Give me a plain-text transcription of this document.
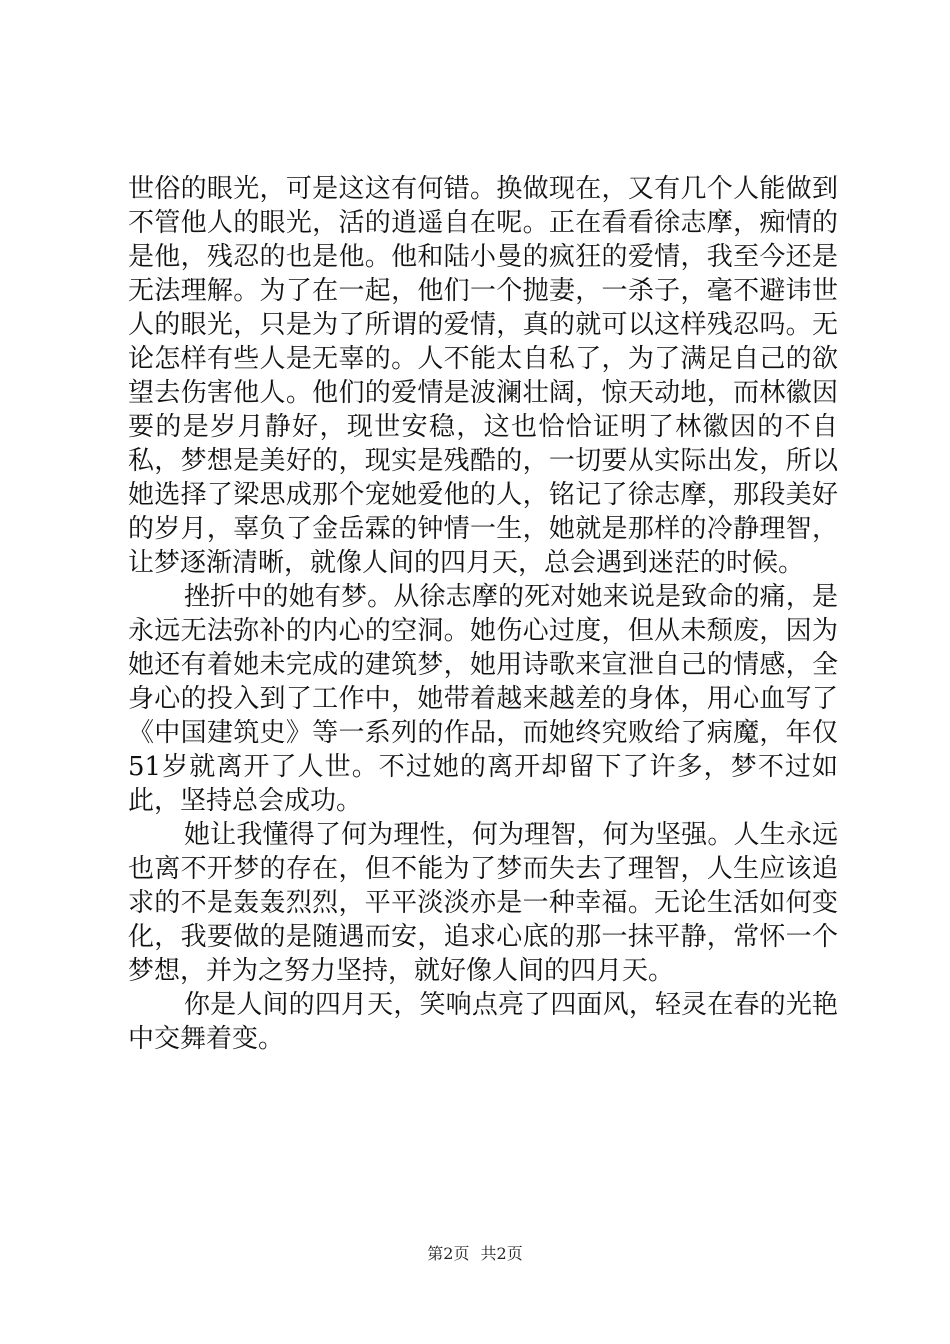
世俗的眼光，可是这这有何错。换做现在，又有几个人能做到不管他人的眼光，活的逍遥自在呢。正在看看徐志摩，痴情的是他，残忍的也是他。他和陆小曼的疯狂的爱情，我至今还是无法理解。为了在一起，他们一个抛妻，一杀子，毫不避讳世人的眼光，只是为了所谓的爱情，真的就可以这样残忍吗。无论怎样有些人是无辜的。人不能太自私了，为了满足自己的欲望去伤害他人。他们的爱情是波澜壮阔，惊天动地，而林徽因要的是岁月静好，现世安稳，这也恰恰证明了林徽因的不自私，梦想是美好的，现实是残酷的，一切要从实际出发，所以她选择了梁思成那个宠她爱他的人，铭记了徐志摩，那段美好的岁月，辜负了金岳霖的钟情一生，她就是那样的冷静理智，让梦逐渐清晰，就像人间的四月天，总会遇到迷茫的时候。

挫折中的她有梦。从徐志摩的死对她来说是致命的痛，是永远无法弥补的内心的空洞。她伤心过度，但从未颓废，因为她还有着她未完成的建筑梦，她用诗歌来宣泄自己的情感，全身心的投入到了工作中，她带着越来越差的身体，用心血写了《中国建筑史》等一系列的作品，而她终究败给了病魔，年仅51岁就离开了人世。不过她的离开却留下了许多，梦不过如此，坚持总会成功。

她让我懂得了何为理性，何为理智，何为坚强。人生永远也离不开梦的存在，但不能为了梦而失去了理智，人生应该追求的不是轰轰烈烈，平平淡淡亦是一种幸福。无论生活如何变化，我要做的是随遇而安，追求心底的那一抹平静，常怀一个梦想，并为之努力坚持，就好像人间的四月天。

你是人间的四月天，笑响点亮了四面风，轻灵在春的光艳中交舞着变。

第2页 共2页
